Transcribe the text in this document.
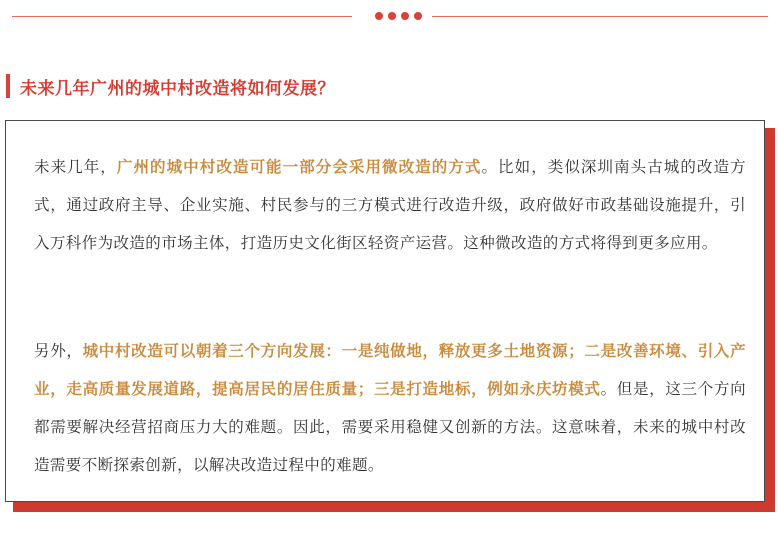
未来几年广州的城中村改造将如何发展？

未来几年，广州的城中村改造可能一部分会采用微改造的方式。比如，类似深圳南头古城的改造方式，通过政府主导、企业实施、村民参与的三方模式进行改造升级，政府做好市政基础设施提升，引入万科作为改造的市场主体，打造历史文化街区轻资产运营。这种微改造的方式将得到更多应用。

另外，城中村改造可以朝着三个方向发展：一是纯做地，释放更多土地资源；二是改善环境、引入产业，走高质量发展道路，提高居民的居住质量；三是打造地标，例如永庆坊模式。但是，这三个方向都需要解决经营招商压力大的难题。因此，需要采用稳健又创新的方法。这意味着，未来的城中村改造需要不断探索创新，以解决改造过程中的难题。
